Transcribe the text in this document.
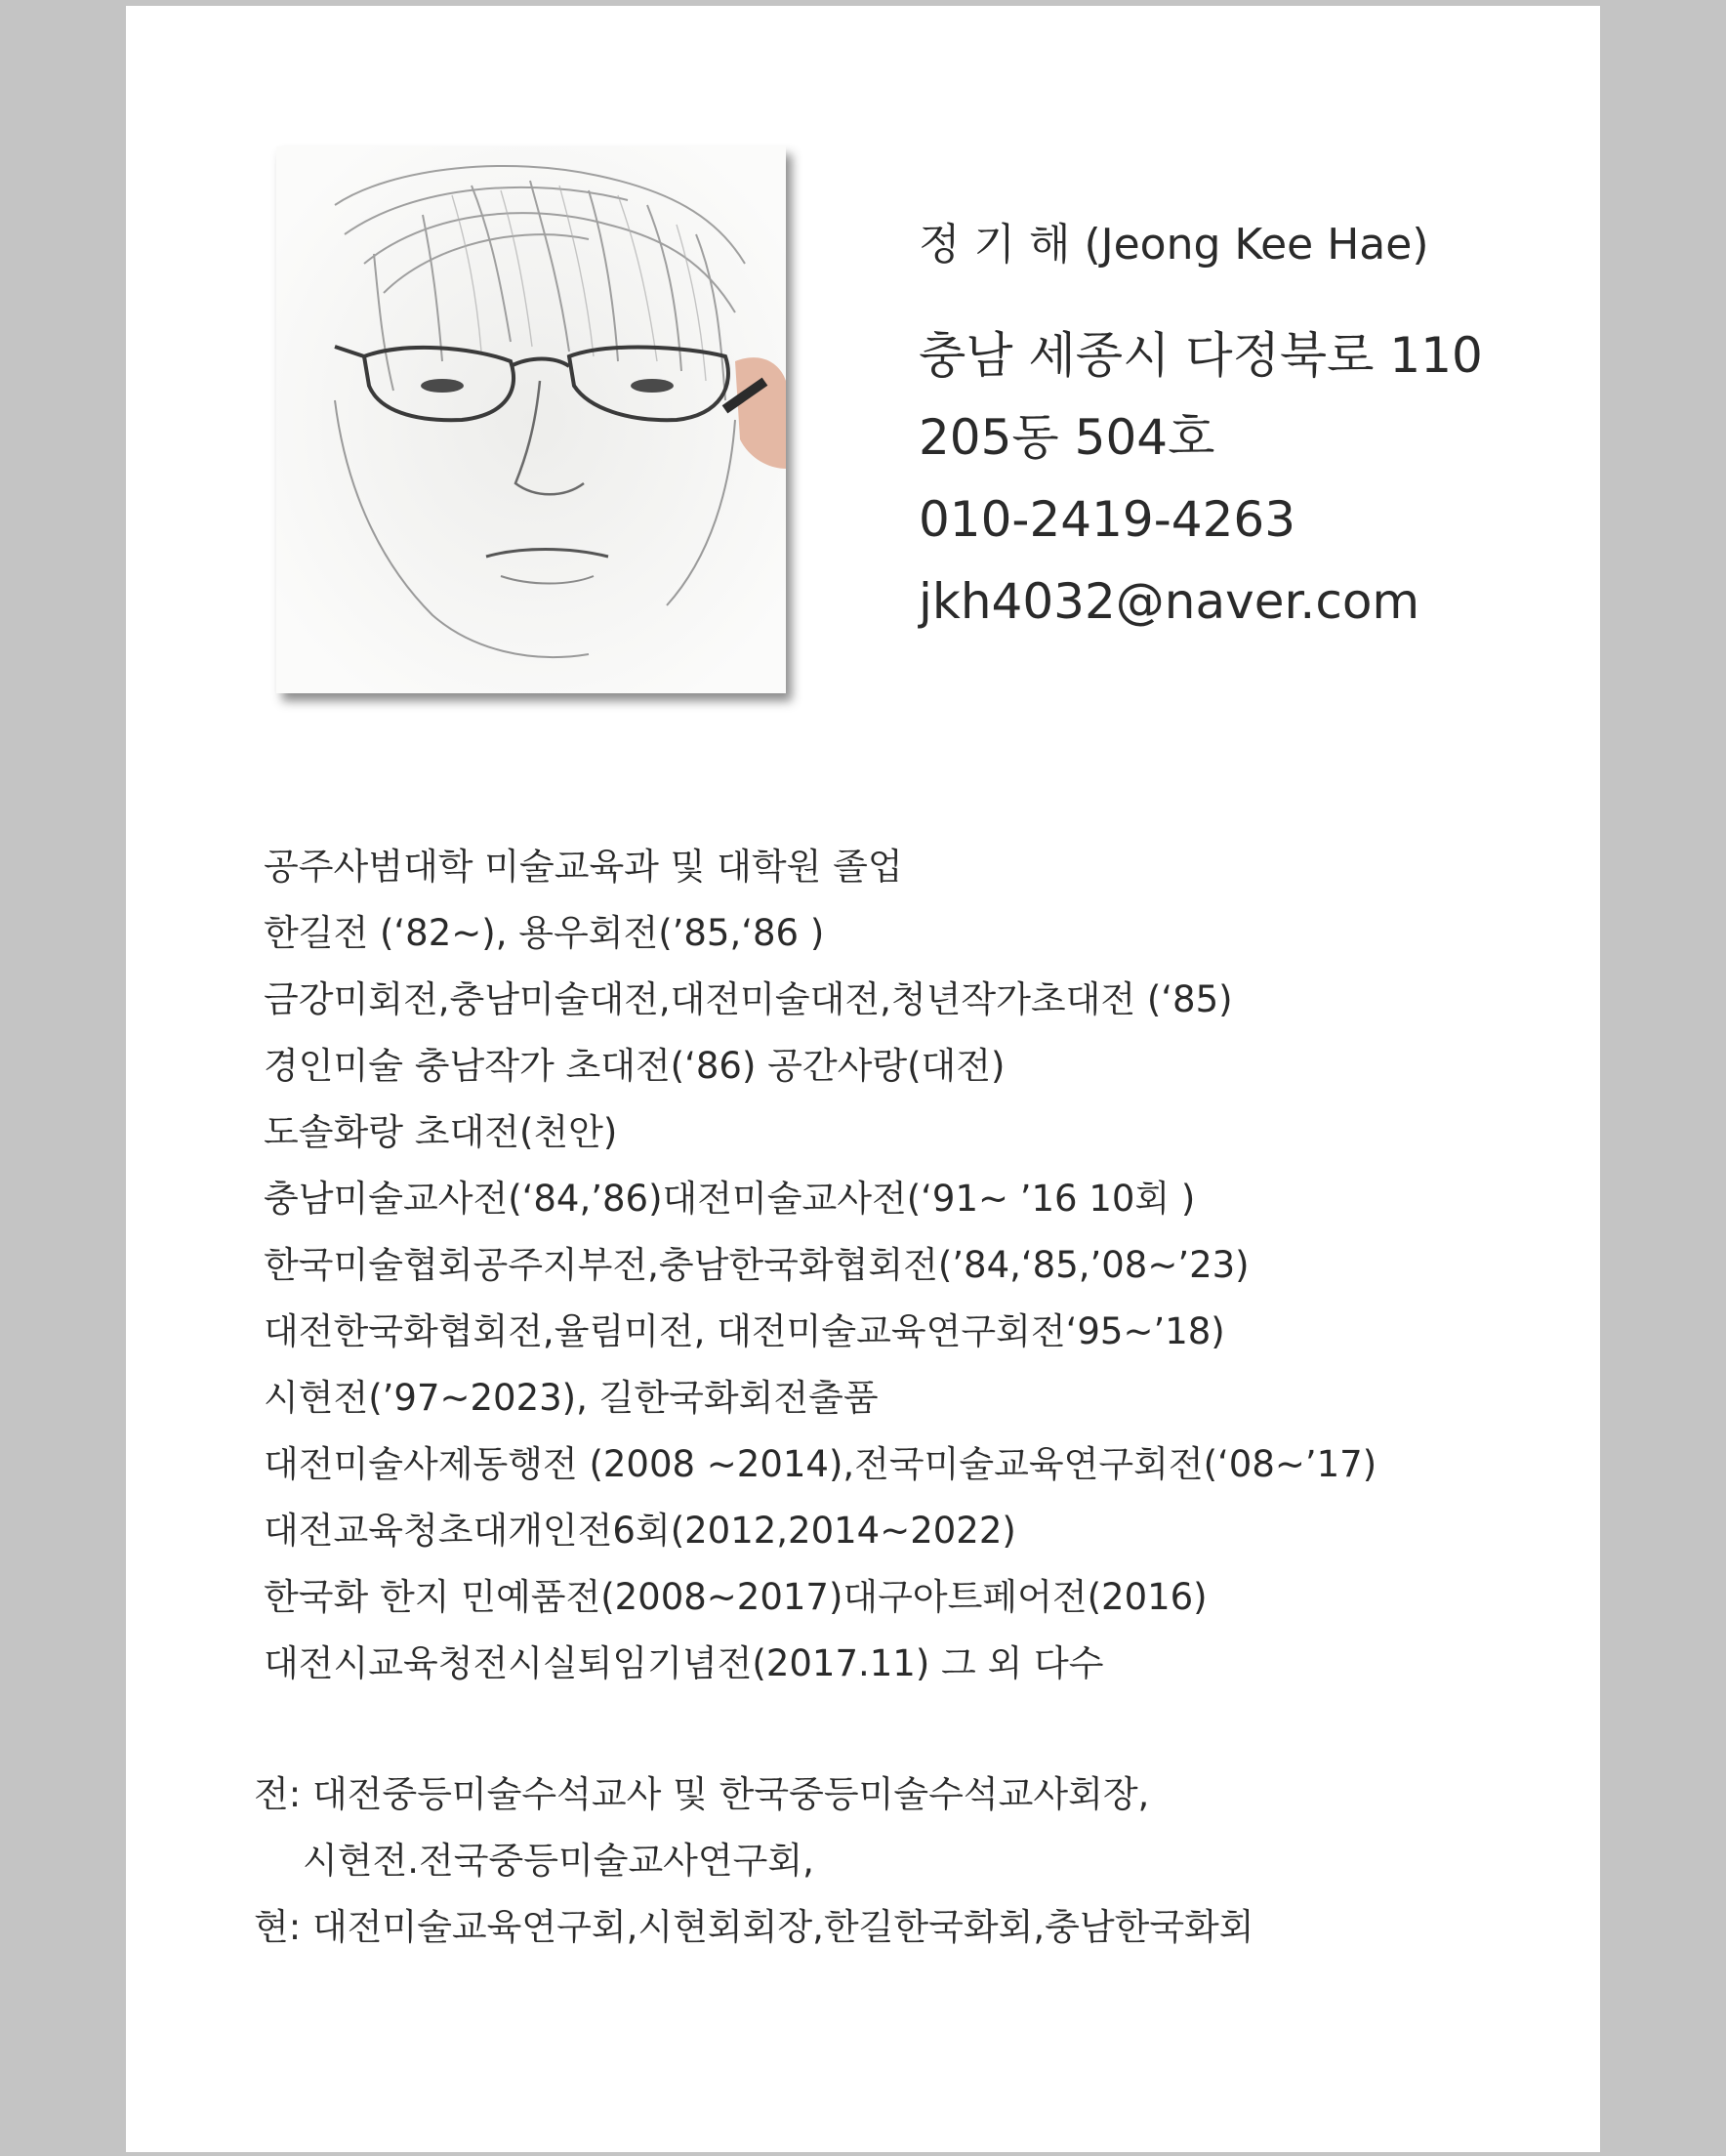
정 기 해 (Jeong Kee Hae)
충남 세종시 다정북로 110
205동 504호
010-2419-4263
jkh4032@naver.com
공주사범대학 미술교육과 및 대학원 졸업
한길전 (‘82~), 용우회전(’85,‘86 )
금강미회전,충남미술대전,대전미술대전,청년작가초대전 (‘85)
경인미술 충남작가 초대전(‘86) 공간사랑(대전)
도솔화랑 초대전(천안)
충남미술교사전(‘84,’86)대전미술교사전(‘91~ ’16 10회 )
한국미술협회공주지부전,충남한국화협회전(’84,‘85,’08~’23)
대전한국화협회전,율림미전, 대전미술교육연구회전‘95~’18)
시현전(’97~2023), 길한국화회전출품
대전미술사제동행전 (2008 ~2014),전국미술교육연구회전(‘08~’17)
대전교육청초대개인전6회(2012,2014~2022)
한국화 한지 민예품전(2008~2017)대구아트페어전(2016)
대전시교육청전시실퇴임기념전(2017.11) 그 외 다수
전: 대전중등미술수석교사 및 한국중등미술수석교사회장,
시현전.전국중등미술교사연구회,
현: 대전미술교육연구회,시현회회장,한길한국화회,충남한국화회
